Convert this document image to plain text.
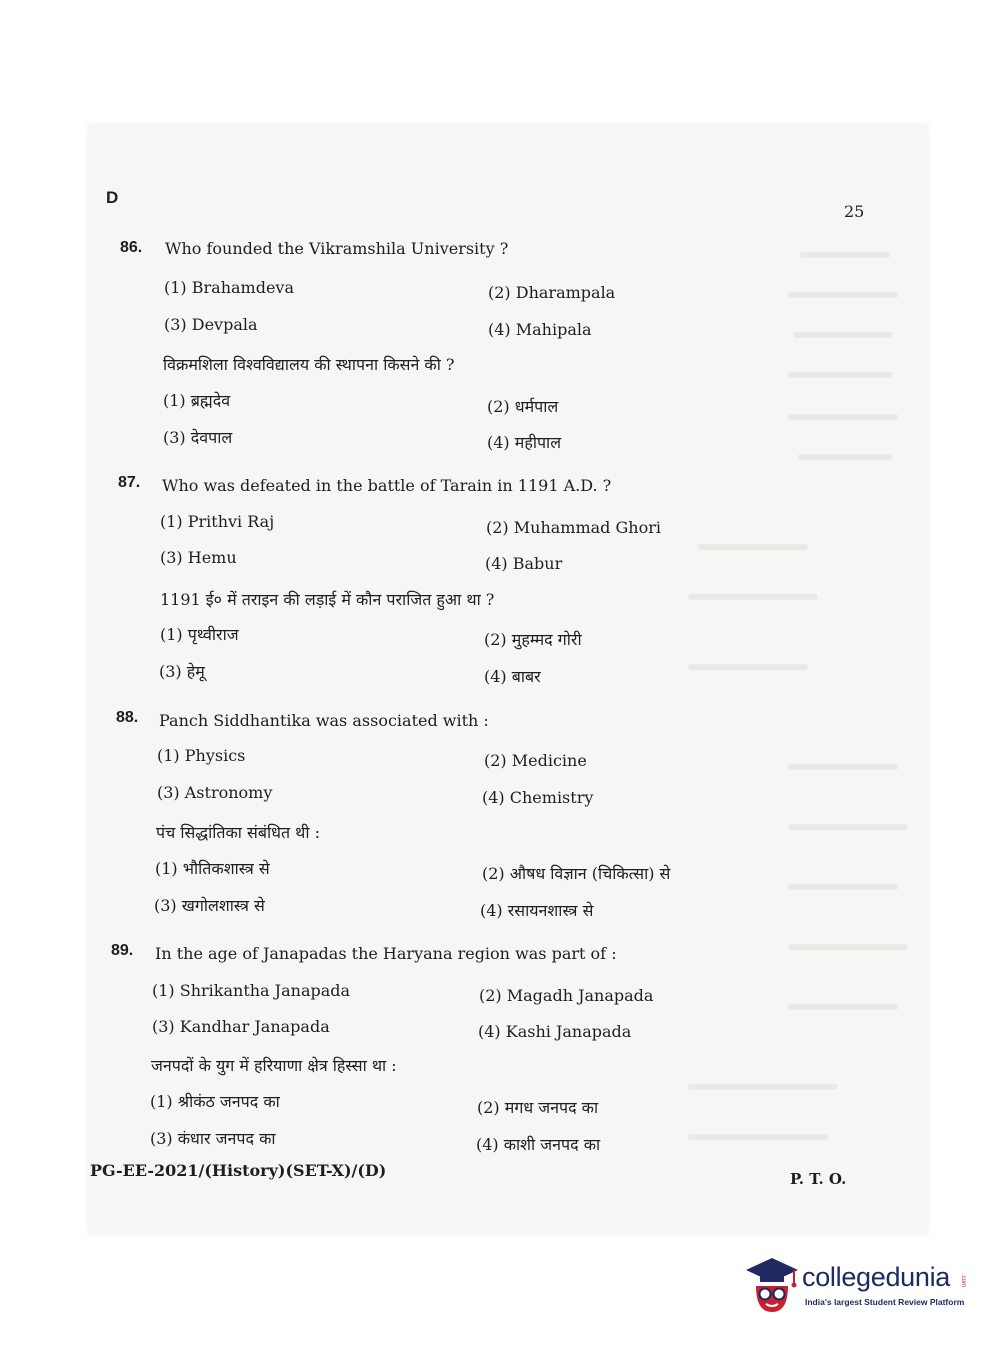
D
25
86. Who founded the Vikramshila University ?
(1) Brahamdeva	(2) Dharampala
(3) Devpala	(4) Mahipala
विक्रमशिला विश्वविद्यालय की स्थापना किसने की ?
(1) ब्रह्मदेव	(2) धर्मपाल
(3) देवपाल	(4) महीपाल
87. Who was defeated in the battle of Tarain in 1191 A.D. ?
(1) Prithvi Raj	(2) Muhammad Ghori
(3) Hemu	(4) Babur
1191 ई० में तराइन की लड़ाई में कौन पराजित हुआ था ?
(1) पृथ्वीराज	(2) मुहम्मद गोरी
(3) हेमू	(4) बाबर
88. Panch Siddhantika was associated with :
(1) Physics	(2) Medicine
(3) Astronomy	(4) Chemistry
पंच सिद्धांतिका संबंधित थी :
(1) भौतिकशास्त्र से	(2) औषध विज्ञान (चिकित्सा) से
(3) खगोलशास्त्र से	(4) रसायनशास्त्र से
89. In the age of Janapadas the Haryana region was part of :
(1) Shrikantha Janapada	(2) Magadh Janapada
(3) Kandhar Janapada	(4) Kashi Janapada
जनपदों के युग में हरियाणा क्षेत्र हिस्सा था :
(1) श्रीकंठ जनपद का	(2) मगध जनपद का
(3) कंधार जनपद का	(4) काशी जनपद का
PG-EE-2021/(History)(SET-X)/(D)	P. T. O.
collegedunia .com
India's largest Student Review Platform
